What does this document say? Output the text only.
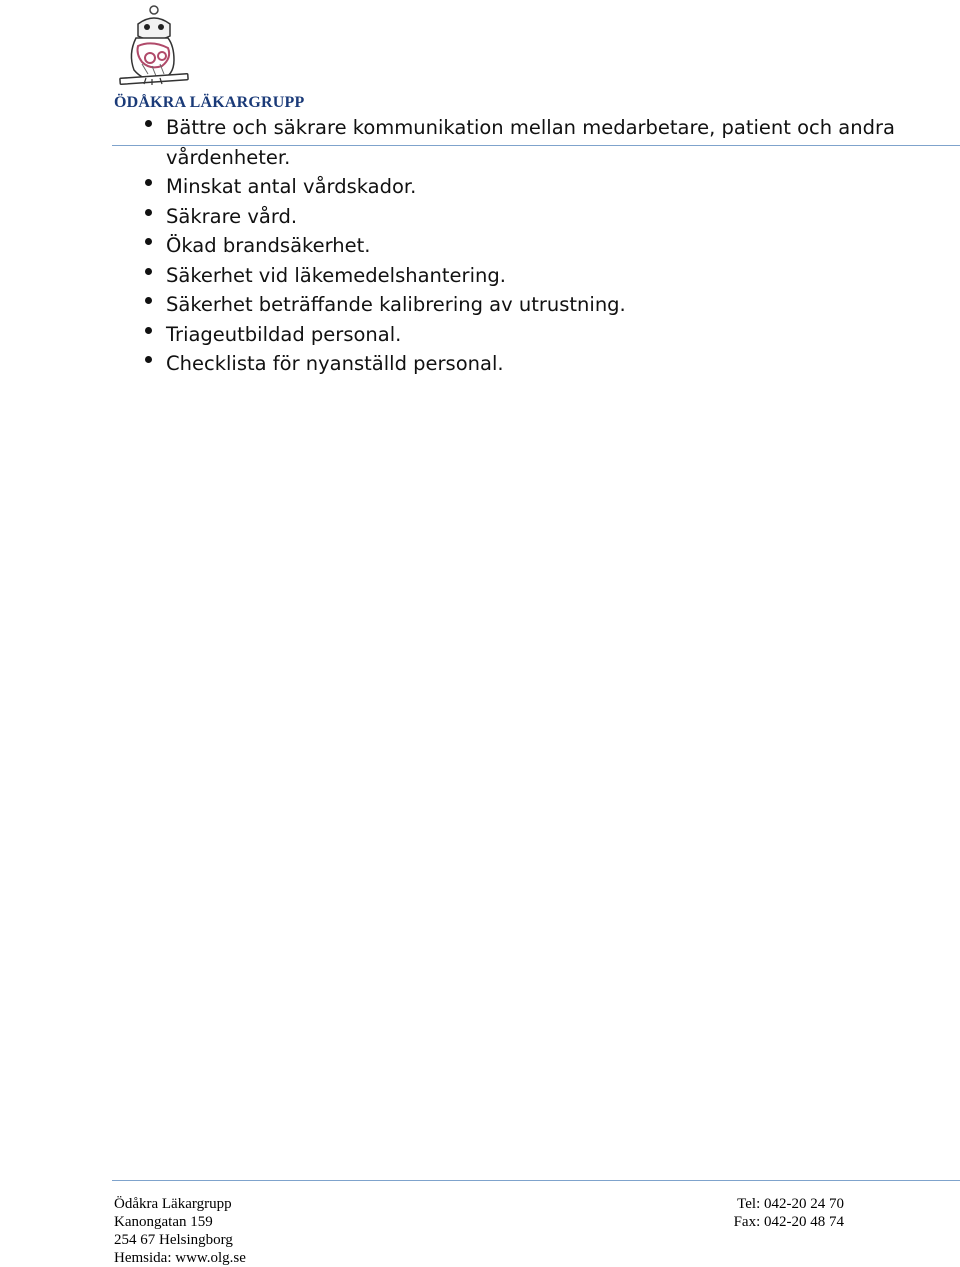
ÖDÅKRA LÄKARGRUPP
Bättre och säkrare kommunikation mellan medarbetare, patient och andra vårdenheter.
Minskat antal vårdskador.
Säkrare vård.
Ökad brandsäkerhet.
Säkerhet vid läkemedelshantering.
Säkerhet beträffande kalibrering av utrustning.
Triageutbildad personal.
Checklista för nyanställd personal.
Ödåkra Läkargrupp
Kanongatan 159
254 67 Helsingborg
Hemsida: www.olg.se
Tel: 042-20 24 70
Fax: 042-20 48 74
